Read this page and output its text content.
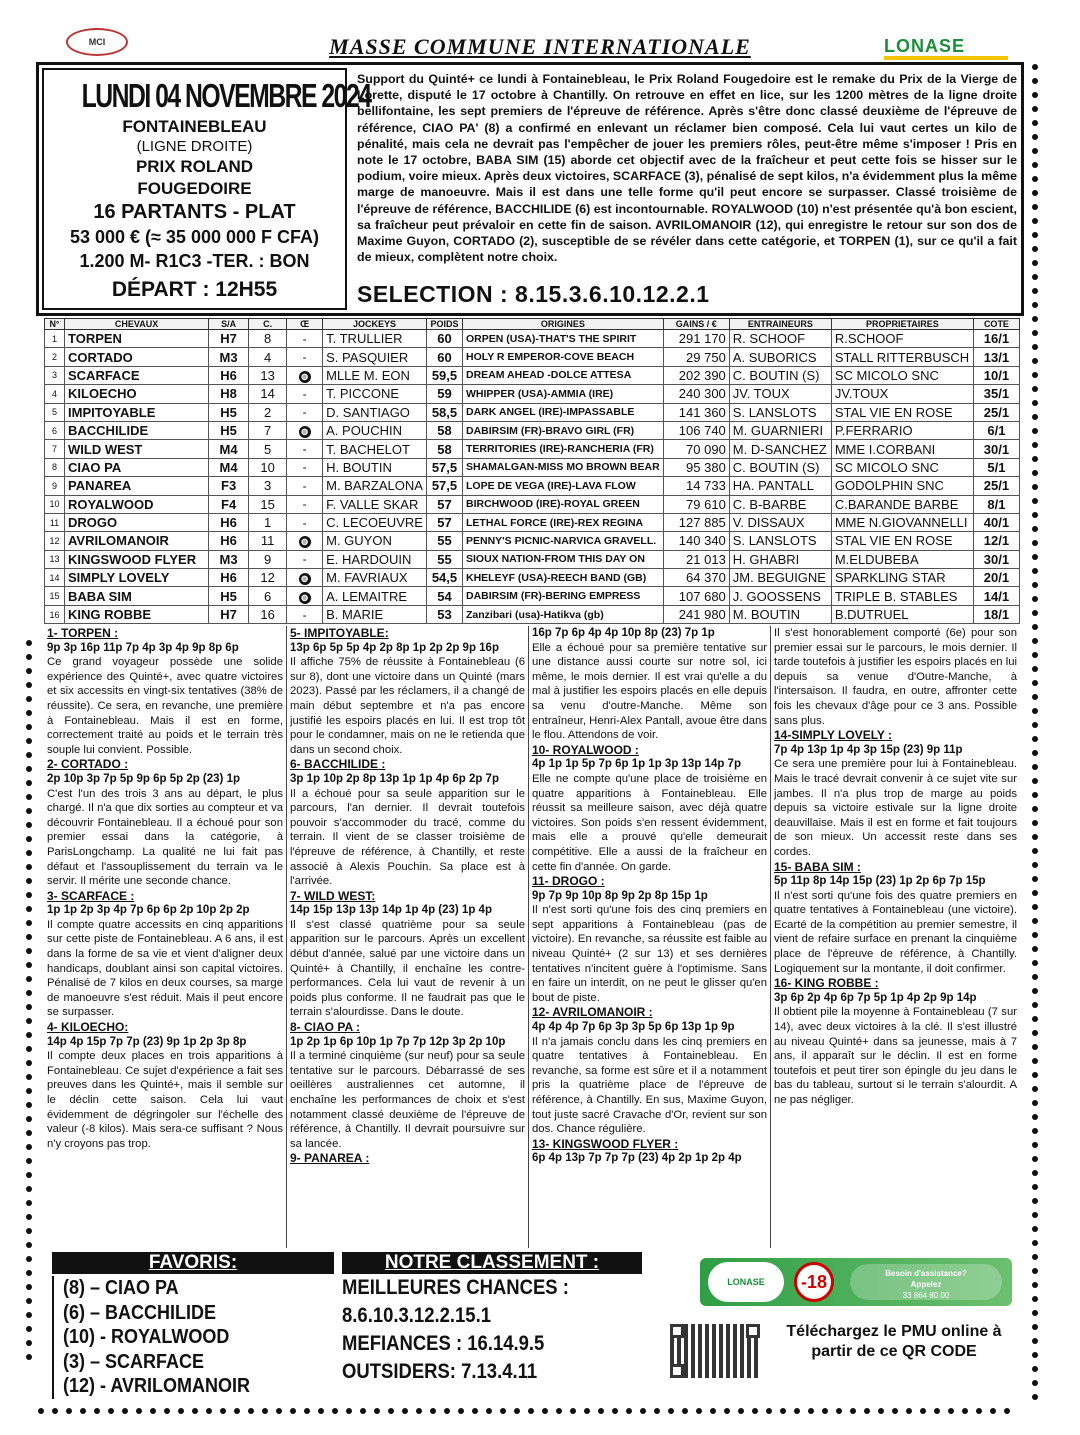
MCI	MASSE COMMUNE INTERNATIONALE	LONASE
LUNDI 04 NOVEMBRE 2024
FONTAINEBLEAU
(LIGNE DROITE)
PRIX ROLAND
FOUGEDOIRE
16 PARTANTS - PLAT
53 000 € (≈ 35 000 000 F CFA)
1.200 M- R1C3 -TER. : BON
DÉPART : 12H55
Support du Quinté+ ce lundi à Fontainebleau, le Prix Roland Fougedoire est le remake du Prix de la Vierge de Lorette, disputé le 17 octobre à Chantilly. On retrouve en effet en lice, sur les 1200 mètres de la ligne droite bellifontaine, les sept premiers de l'épreuve de référence. Après s'être donc classé deuxième de l'épreuve de référence, CIAO PA' (8) a confirmé en enlevant un réclamer bien composé. Cela lui vaut certes un kilo de pénalité, mais cela ne devrait pas l'empêcher de jouer les premiers rôles, peut-être même s'imposer ! Pris en note le 17 octobre, BABA SIM (15) aborde cet objectif avec de la fraîcheur et peut cette fois se hisser sur le podium, voire mieux. Après deux victoires, SCARFACE (3), pénalisé de sept kilos, n'a évidemment plus la même marge de manoeuvre. Mais il est dans une telle forme qu'il peut encore se surpasser. Classé troisième de l'épreuve de référence, BACCHILIDE (6) est incontournable. ROYALWOOD (10) n'est présentée qu'à bon escient, sa fraîcheur peut prévaloir en cette fin de saison. AVRILOMANOIR (12), qui enregistre le retour sur son dos de Maxime Guyon, CORTADO (2), susceptible de se révéler dans cette catégorie, et TORPEN (1), sur ce qu'il a fait de mieux, complètent notre choix.
SELECTION : 8.15.3.6.10.12.2.1
N°	CHEVAUX	S/A	C.	Œ	JOCKEYS	POIDS	ORIGINES	GAINS / €	ENTRAINEURS	PROPRIETAIRES	COTE
1	TORPEN	H7	8	-	T. TRULLIER	60	ORPEN (USA)-THAT'S THE SPIRIT	291 170	R. SCHOOF	R.SCHOOF	16/1
2	CORTADO	M3	4	-	S. PASQUIER	60	HOLY R EMPEROR-COVE BEACH	29 750	A. SUBORICS	STALL RITTERBUSCH	13/1
3	SCARFACE	H6	13	◍	MLLE M. EON	59,5	DREAM AHEAD -DOLCE ATTESA	202 390	C. BOUTIN (S)	SC MICOLO SNC	10/1
4	KILOECHO	H8	14	-	T. PICCONE	59	WHIPPER (USA)-AMMIA (IRE)	240 300	JV. TOUX	JV.TOUX	35/1
5	IMPITOYABLE	H5	2	-	D. SANTIAGO	58,5	DARK ANGEL (IRE)-IMPASSABLE	141 360	S. LANSLOTS	STAL VIE EN ROSE	25/1
6	BACCHILIDE	H5	7	◍	A. POUCHIN	58	DABIRSIM (FR)-BRAVO GIRL (FR)	106 740	M. GUARNIERI	P.FERRARIO	6/1
7	WILD WEST	M4	5	-	T. BACHELOT	58	TERRITORIES (IRE)-RANCHERIA (FR)	70 090	M. D-SANCHEZ	MME I.CORBANI	30/1
8	CIAO PA	M4	10	-	H. BOUTIN	57,5	SHAMALGAN-MISS MO BROWN BEAR	95 380	C. BOUTIN (S)	SC MICOLO SNC	5/1
9	PANAREA	F3	3	-	M. BARZALONA	57,5	LOPE DE VEGA (IRE)-LAVA FLOW	14 733	HA. PANTALL	GODOLPHIN SNC	25/1
10	ROYALWOOD	F4	15	-	F. VALLE SKAR	57	BIRCHWOOD (IRE)-ROYAL GREEN	79 610	C. B-BARBE	C.BARANDE BARBE	8/1
11	DROGO	H6	1	-	C. LECOEUVRE	57	LETHAL FORCE (IRE)-REX REGINA	127 885	V. DISSAUX	MME N.GIOVANNELLI	40/1
12	AVRILOMANOIR	H6	11	◍	M. GUYON	55	PENNY'S PICNIC-NARVICA GRAVELL.	140 340	S. LANSLOTS	STAL VIE EN ROSE	12/1
13	KINGSWOOD FLYER	M3	9	-	E. HARDOUIN	55	SIOUX NATION-FROM THIS DAY ON	21 013	H. GHABRI	M.ELDUBEBA	30/1
14	SIMPLY LOVELY	H6	12	◍	M. FAVRIAUX	54,5	KHELEYF (USA)-REECH BAND (GB)	64 370	JM. BEGUIGNE	SPARKLING STAR	20/1
15	BABA SIM	H5	6	◍	A. LEMAITRE	54	DABIRSIM (FR)-BERING EMPRESS	107 680	J. GOOSSENS	TRIPLE B. STABLES	14/1
16	KING ROBBE	H7	16	-	B. MARIE	53	Zanzibari (usa)-Hatikva (gb)	241 980	M. BOUTIN	B.DUTRUEL	18/1
1- TORPEN :
9p 3p 16p 11p 7p 4p 3p 4p 9p 8p 6p
Ce grand voyageur possède une solide expérience des Quinté+, avec quatre victoires et six accessits en vingt-six tentatives (38% de réussite). Ce sera, en revanche, une première à Fontainebleau. Mais il est en forme, correctement traité au poids et le terrain très souple lui convient. Possible.
2- CORTADO :
2p 10p 3p 7p 5p 9p 6p 5p 2p (23) 1p
C'est l'un des trois 3 ans au départ, le plus chargé. Il n'a que dix sorties au compteur et va découvrir Fontainebleau. Il a échoué pour son premier essai dans la catégorie, à ParisLongchamp. La qualité ne lui fait pas défaut et l'assouplissement du terrain va le servir. Il mérite une seconde chance.
3- SCARFACE :
1p 1p 2p 3p 4p 7p 6p 6p 2p 10p 2p 2p
Il compte quatre accessits en cinq apparitions sur cette piste de Fontainebleau. A 6 ans, il est dans la forme de sa vie et vient d'aligner deux handicaps, doublant ainsi son capital victoires. Pénalisé de 7 kilos en deux courses, sa marge de manoeuvre s'est réduit. Mais il peut encore se surpasser.
4- KILOECHO:
14p 4p 15p 7p 7p (23) 9p 1p 2p 3p 8p
Il compte deux places en trois apparitions à Fontainebleau. Ce sujet d'expérience a fait ses preuves dans les Quinté+, mais il semble sur le déclin cette saison. Cela lui vaut évidemment de dégringoler sur l'échelle des valeur (-8 kilos). Mais sera-ce suffisant ? Nous n'y croyons pas trop.
5- IMPITOYABLE:
13p 6p 5p 5p 4p 2p 8p 1p 2p 2p 9p 16p
Il affiche 75% de réussite à Fontainebleau (6 sur 8), dont une victoire dans un Quinté (mars 2023). Passé par les réclamers, il a changé de main début septembre et n'a pas encore justifié les espoirs placés en lui. Il est trop tôt pour le condamner, mais on ne le retienda que dans un second choix.
6- BACCHILIDE :
3p 1p 10p 2p 8p 13p 1p 1p 4p 6p 2p 7p
Il a échoué pour sa seule apparition sur le parcours, l'an dernier. Il devrait toutefois pouvoir s'accommoder du tracé, comme du terrain. Il vient de se classer troisième de l'épreuve de référence, à Chantilly, et reste associé à Alexis Pouchin. Sa place est à l'arrivée.
7- WILD WEST:
14p 15p 13p 13p 14p 1p 4p (23) 1p 4p
Il s'est classé quatrième pour sa seule apparition sur le parcours. Après un excellent début d'année, salué par une victoire dans un Quinté+ à Chantilly, il enchaîne les contre-performances. Cela lui vaut de revenir à un poids plus conforme. Il ne faudrait pas que le terrain s'alourdisse. Dans le doute.
8- CIAO PA :
1p 2p 1p 6p 10p 1p 7p 7p 12p 3p 2p 10p
Il a terminé cinquième (sur neuf) pour sa seule tentative sur le parcours. Débarrassé de ses oeillères australiennes cet automne, il enchaîne les performances de choix et s'est notamment classé deuxième de l'épreuve de référence, à Chantilly. Il devrait poursuivre sur sa lancée.
9- PANAREA :
16p 7p 6p 4p 4p 10p 8p (23) 7p 1p
Elle a échoué pour sa première tentative sur une distance aussi courte sur notre sol, ici même, le mois dernier. Il est vrai qu'elle a du mal à justifier les espoirs placés en elle depuis sa venu d'outre-Manche. Même son entraîneur, Henri-Alex Pantall, avoue être dans le flou. Attendons de voir.
10- ROYALWOOD :
4p 1p 1p 5p 7p 6p 1p 1p 3p 13p 14p 7p
Elle ne compte qu'une place de troisième en quatre apparitions à Fontainebleau. Elle réussit sa meilleure saison, avec déjà quatre victoires. Son poids s'en ressent évidemment, mais elle a prouvé qu'elle demeurait compétitive. Elle a aussi de la fraîcheur en cette fin d'année. On garde.
11- DROGO :
9p 7p 9p 10p 8p 9p 2p 8p 15p 1p
Il n'est sorti qu'une fois des cinq premiers en sept apparitions à Fontainebleau (pas de victoire). En revanche, sa réussite est faible au niveau Quinté+ (2 sur 13) et ses dernières tentatives n'incitent guère à l'optimisme. Sans en faire un interdit, on ne peut le glisser qu'en bout de piste.
12- AVRILOMANOIR :
4p 4p 4p 7p 6p 3p 3p 5p 6p 13p 1p 9p
Il n'a jamais conclu dans les cinq premiers en quatre tentatives à Fontainebleau. En revanche, sa forme est sûre et il a notamment pris la quatrième place de l'épreuve de référence, à Chantilly. En sus, Maxime Guyon, tout juste sacré Cravache d'Or, revient sur son dos. Chance régulière.
13- KINGSWOOD FLYER :
6p 4p 13p 7p 7p 7p (23) 4p 2p 1p 2p 4p
Il s'est honorablement comporté (6e) pour son premier essai sur le parcours, le mois dernier. Il tarde toutefois à justifier les espoirs placés en lui depuis sa venue d'Outre-Manche, à l'intersaison. Il faudra, en outre, affronter cette fois les chevaux d'âge pour ce 3 ans. Possible sans plus.
14-SIMPLY LOVELY :
7p 4p 13p 1p 4p 3p 15p (23) 9p 11p
Ce sera une première pour lui à Fontainebleau. Mais le tracé devrait convenir à ce sujet vite sur jambes. Il n'a plus trop de marge au poids depuis sa victoire estivale sur la ligne droite deauvillaise. Mais il est en forme et fait toujours de son mieux. Un accessit reste dans ses cordes.
15- BABA SIM :
5p 11p 8p 14p 15p (23) 1p 2p 6p 7p 15p
Il n'est sorti qu'une fois des quatre premiers en quatre tentatives à Fontainebleau (une victoire). Ecarté de la compétition au premier semestre, il vient de refaire surface en prenant la cinquième place de l'épreuve de référence, à Chantilly. Logiquement sur la montante, il doit confirmer.
16- KING ROBBE :
3p 6p 2p 4p 6p 7p 5p 1p 4p 2p 9p 14p
Il obtient pile la moyenne à Fontainebleau (7 sur 14), avec deux victoires à la clé. Il s'est illustré au niveau Quinté+ dans sa jeunesse, mais à 7 ans, il apparaît sur le déclin. Il est en forme toutefois et peut tirer son épingle du jeu dans le bas du tableau, surtout si le terrain s'alourdit. A ne pas négliger.
FAVORIS:
(8) – CIAO PA
(6) – BACCHILIDE
(10) - ROYALWOOD
(3) – SCARFACE
(12) - AVRILOMANOIR
NOTRE CLASSEMENT :
MEILLEURES CHANCES :
8.6.10.3.12.2.15.1
MEFIANCES : 16.14.9.5
OUTSIDERS: 7.13.4.11
LONASE	-18	Besoin d'assistance?
Appelez
33 864 80 00
Téléchargez le PMU online à partir de ce QR CODE
